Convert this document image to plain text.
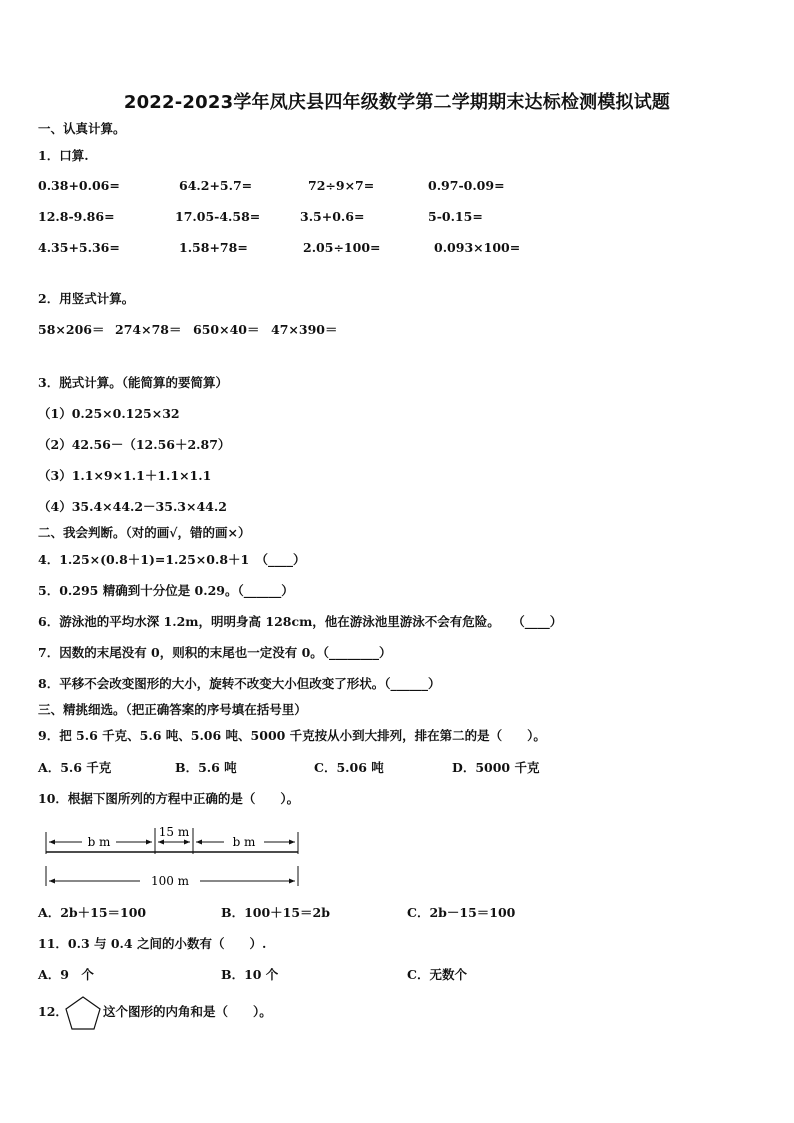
2022-2023学年凤庆县四年级数学第二学期期末达标检测模拟试题
一、认真计算。
1．口算.
0.38+0.06=	64.2+5.7=	72÷9×7=	0.97-0.09=
12.8-9.86=	17.05-4.58=	3.5+0.6=	5-0.15=
4.35+5.36=	1.58+78=	2.05÷100=	0.093×100=
2．用竖式计算。
58×206＝ 274×78＝ 650×40＝ 47×390＝
3．脱式计算。（能简算的要简算）
（1）0.25×0.125×32
（2）42.56－（12.56＋2.87）
（3）1.1×9×1.1＋1.1×1.1
（4）35.4×44.2－35.3×44.2
二、我会判断。（对的画√，错的画×）
4．1.25×(0.8＋1)=1.25×0.8＋1　（____）
5．0.295 精确到十分位是 0.29。（______）
6．游泳池的平均水深 1.2m，明明身高 128cm，他在游泳池里游泳不会有危险。　　（____）
7．因数的末尾没有 0，则积的末尾也一定没有 0。（________）
8．平移不会改变图形的大小，旋转不改变大小但改变了形状。（______）
三、精挑细选。（把正确答案的序号填在括号里）
9．把 5.6 千克、5.6 吨、5.06 吨、5000 千克按从小到大排列，排在第二的是（　　）。
A．5.6 千克	B．5.6 吨	C．5.06 吨	D．5000 千克
10．根据下图所列的方程中正确的是（　　）。
b m
15 m
b m
100 m
A．2b＋15＝100	B．100＋15＝2b	C．2b－15＝100
11．0.3 与 0.4 之间的小数有（　　）.
A．9　个	B．10 个	C．无数个
12．	这个图形的内角和是（　　）。
